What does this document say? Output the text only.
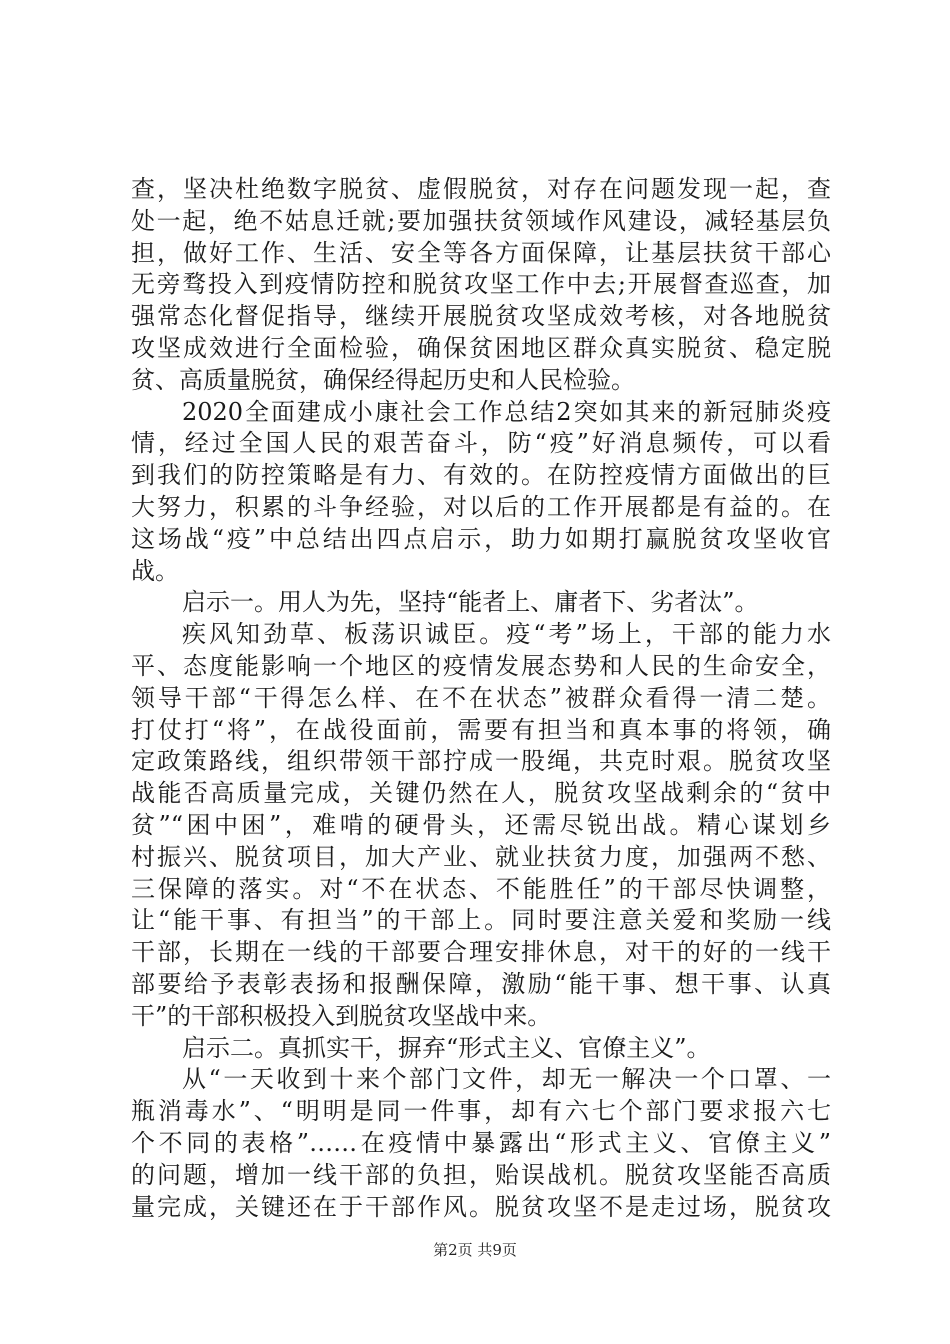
查，坚决杜绝数字脱贫、虚假脱贫，对存在问题发现一起，查
处一起，绝不姑息迁就;要加强扶贫领域作风建设，减轻基层负
担，做好工作、生活、安全等各方面保障，让基层扶贫干部心
无旁骛投入到疫情防控和脱贫攻坚工作中去;开展督查巡查，加
强常态化督促指导，继续开展脱贫攻坚成效考核，对各地脱贫
攻坚成效进行全面检验，确保贫困地区群众真实脱贫、稳定脱
贫、高质量脱贫，确保经得起历史和人民检验。
2020全面建成小康社会工作总结2突如其来的新冠肺炎疫
情，经过全国人民的艰苦奋斗，防“疫”好消息频传，可以看
到我们的防控策略是有力、有效的。在防控疫情方面做出的巨
大努力，积累的斗争经验，对以后的工作开展都是有益的。在
这场战“疫”中总结出四点启示，助力如期打赢脱贫攻坚收官
战。
启示一。用人为先，坚持“能者上、庸者下、劣者汰”。
疾风知劲草、板荡识诚臣。疫“考”场上，干部的能力水
平、态度能影响一个地区的疫情发展态势和人民的生命安全，
领导干部“干得怎么样、在不在状态”被群众看得一清二楚。
打仗打“将”，在战役面前，需要有担当和真本事的将领，确
定政策路线，组织带领干部拧成一股绳，共克时艰。脱贫攻坚
战能否高质量完成，关键仍然在人，脱贫攻坚战剩余的“贫中
贫”“困中困”，难啃的硬骨头，还需尽锐出战。精心谋划乡
村振兴、脱贫项目，加大产业、就业扶贫力度，加强两不愁、
三保障的落实。对“不在状态、不能胜任”的干部尽快调整，
让“能干事、有担当”的干部上。同时要注意关爱和奖励一线
干部，长期在一线的干部要合理安排休息，对干的好的一线干
部要给予表彰表扬和报酬保障，激励“能干事、想干事、认真
干”的干部积极投入到脱贫攻坚战中来。
启示二。真抓实干，摒弃“形式主义、官僚主义”。
从“一天收到十来个部门文件，却无一解决一个口罩、一
瓶消毒水”、“明明是同一件事，却有六七个部门要求报六七
个不同的表格”……在疫情中暴露出“形式主义、官僚主义”
的问题，增加一线干部的负担，贻误战机。脱贫攻坚能否高质
量完成，关键还在于干部作风。脱贫攻坚不是走过场，脱贫攻
第2页 共9页
